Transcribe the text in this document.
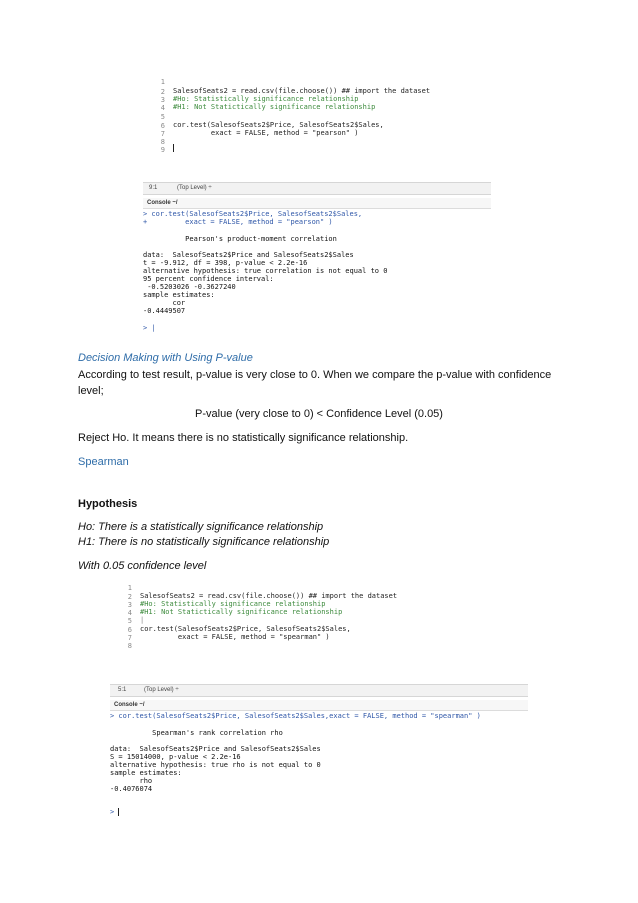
1
2
3
4
5
6
7
8
9
SalesofSeats2 = read.csv(file.choose()) ## import the dataset
#Ho: Statistically significance relationship
#H1: Not Statictically significance relationship
cor.test(SalesofSeats2$Price, SalesofSeats2$Sales,
exact = FALSE, method = "pearson" )
9:1	(Top Level) ÷
Console ~/

> cor.test(SalesofSeats2$Price, SalesofSeats2$Sales,

+         exact = FALSE, method = "pearson" )

Pearson's product-moment correlation

data:  SalesofSeats2$Price and SalesofSeats2$Sales

t = -9.912, df = 398, p-value < 2.2e-16

alternative hypothesis: true correlation is not equal to 0

95 percent confidence interval:

-0.5203026 -0.3627240

sample estimates:

cor

-0.4449507

> |

Decision Making with Using P-value
According to test result, p-value is very close to 0. When we compare the p-value with confidence
level;
P-value (very close to 0) < Confidence Level (0.05)
Reject Ho. It means there is no statistically significance relationship.
Spearman
Hypothesis
Ho: There is a statistically significance relationship
H1: There is no statistically significance relationship
With 0.05 confidence level
1
2
3
4
5
6
7
8
SalesofSeats2 = read.csv(file.choose()) ## import the dataset
#Ho: Statistically significance relationship
#H1: Not Statictically significance relationship
|
cor.test(SalesofSeats2$Price, SalesofSeats2$Sales,
exact = FALSE, method = "spearman" )
5:1	(Top Level) ÷
Console ~/

> cor.test(SalesofSeats2$Price, SalesofSeats2$Sales,exact = FALSE, method = "spearman" )

Spearman's rank correlation rho

data:  SalesofSeats2$Price and SalesofSeats2$Sales

S = 15014000, p-value < 2.2e-16

alternative hypothesis: true rho is not equal to 0

sample estimates:

rho

-0.4076074

>
